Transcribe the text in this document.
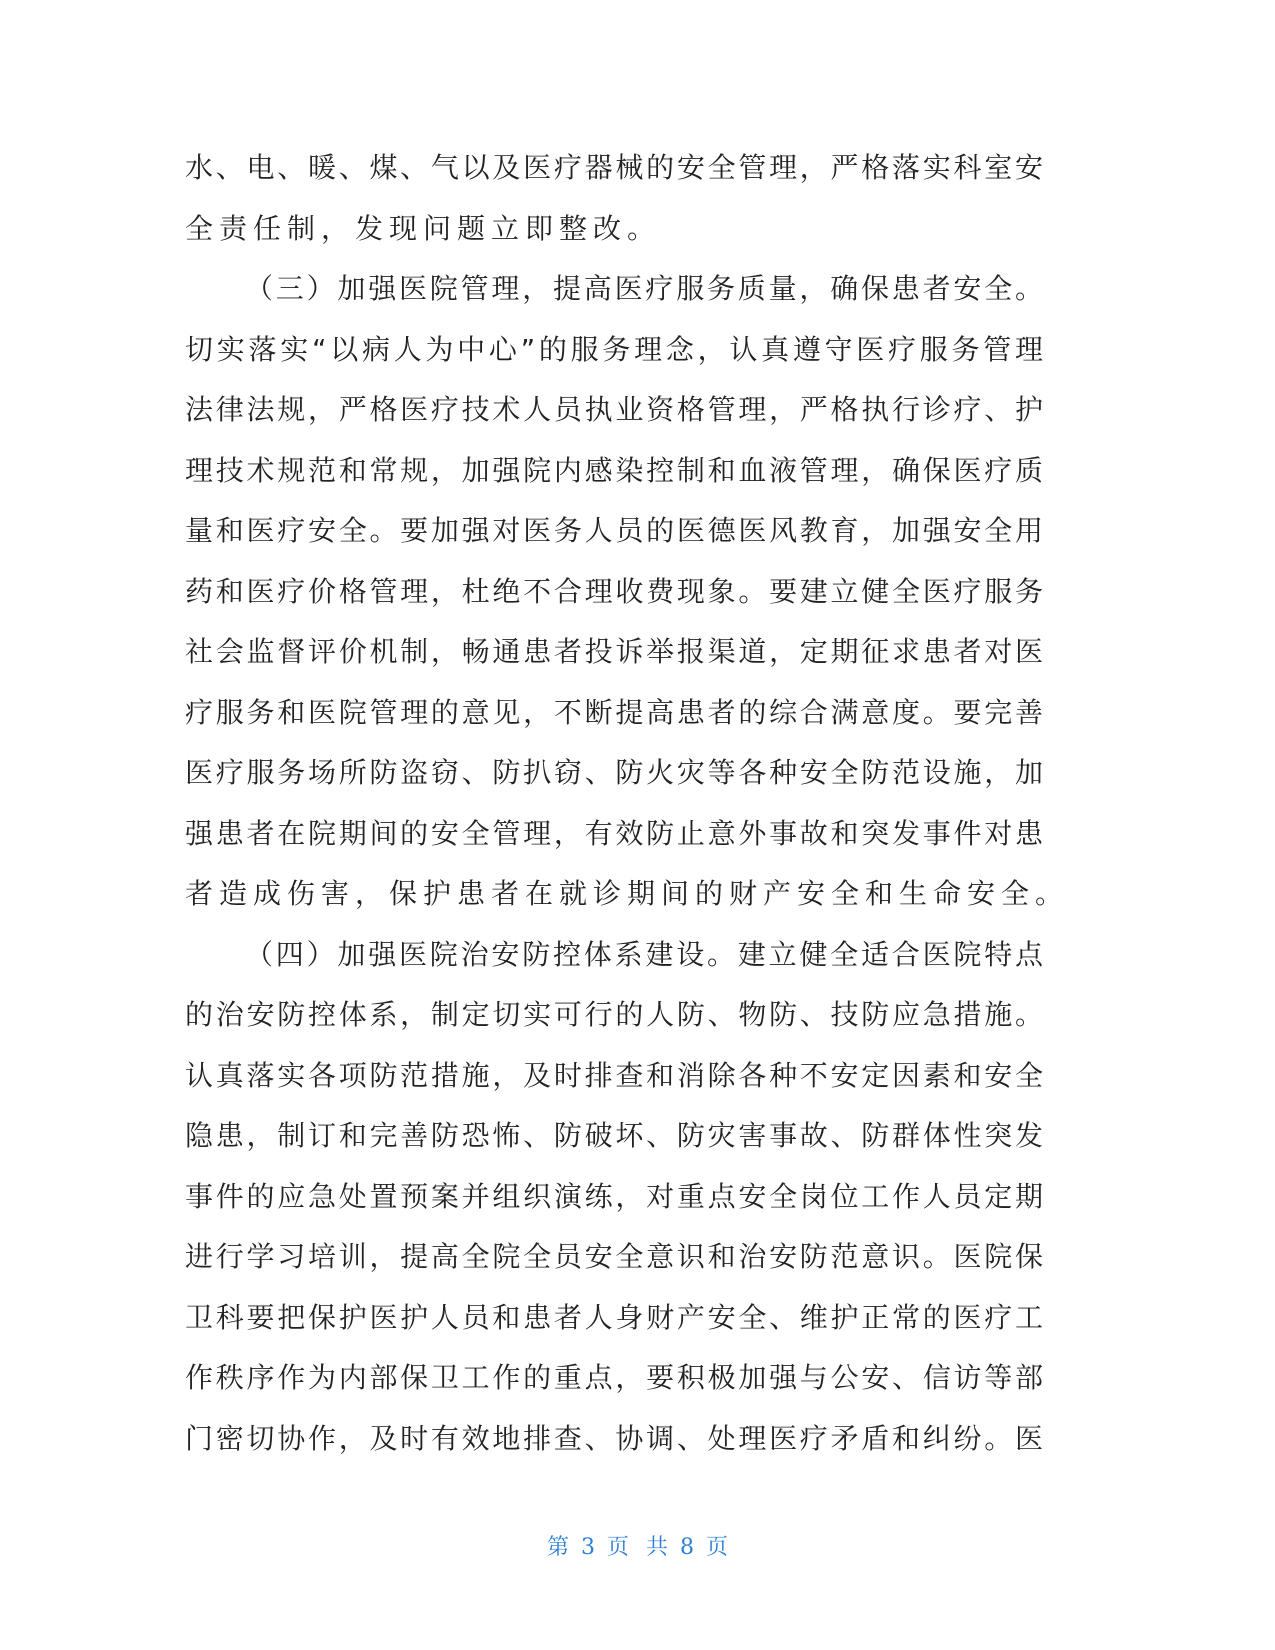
水、电、暖、煤、气以及医疗器械的安全管理，严格落实科室安
全责任制，发现问题立即整改。
（三）加强医院管理，提高医疗服务质量，确保患者安全。
切实落实“以病人为中心”的服务理念，认真遵守医疗服务管理
法律法规，严格医疗技术人员执业资格管理，严格执行诊疗、护
理技术规范和常规，加强院内感染控制和血液管理，确保医疗质
量和医疗安全。要加强对医务人员的医德医风教育，加强安全用
药和医疗价格管理，杜绝不合理收费现象。要建立健全医疗服务
社会监督评价机制，畅通患者投诉举报渠道，定期征求患者对医
疗服务和医院管理的意见，不断提高患者的综合满意度。要完善
医疗服务场所防盗窃、防扒窃、防火灾等各种安全防范设施，加
强患者在院期间的安全管理，有效防止意外事故和突发事件对患
者造成伤害，保护患者在就诊期间的财产安全和生命安全。
（四）加强医院治安防控体系建设。建立健全适合医院特点
的治安防控体系，制定切实可行的人防、物防、技防应急措施。
认真落实各项防范措施，及时排查和消除各种不安定因素和安全
隐患，制订和完善防恐怖、防破坏、防灾害事故、防群体性突发
事件的应急处置预案并组织演练，对重点安全岗位工作人员定期
进行学习培训，提高全院全员安全意识和治安防范意识。医院保
卫科要把保护医护人员和患者人身财产安全、维护正常的医疗工
作秩序作为内部保卫工作的重点，要积极加强与公安、信访等部
门密切协作，及时有效地排查、协调、处理医疗矛盾和纠纷。医
第 3 页 共 8 页
